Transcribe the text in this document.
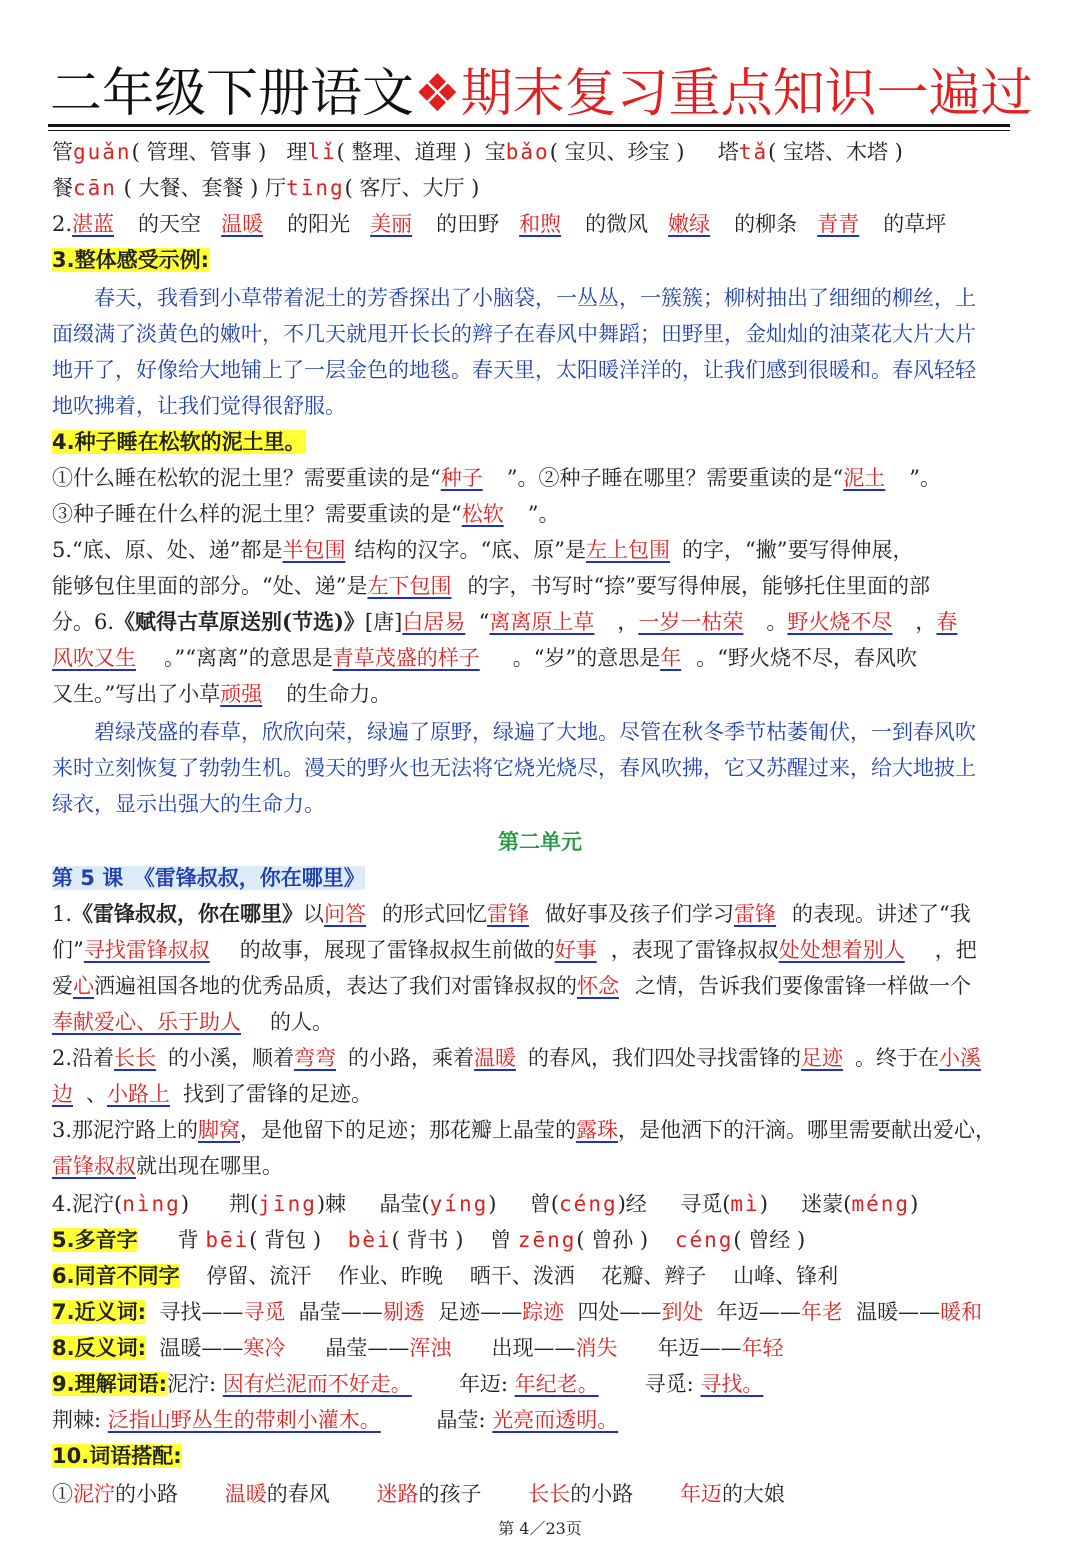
二年级下册语文❖期末复习重点知识一遍过
管guǎn( 管理、管事 ) 理lǐ( 整理、道理 ) 宝bǎo( 宝贝、珍宝 ) 塔tǎ( 宝塔、木塔 )
餐cān ( 大餐、套餐 ) 厅tīng( 客厅、大厅 )
2.湛蓝 的天空 温暖 的阳光 美丽 的田野 和煦 的微风 嫩绿 的柳条 青青 的草坪
3.整体感受示例:
春天，我看到小草带着泥土的芳香探出了小脑袋，一丛丛，一簇簇；柳树抽出了细细的柳丝，上
面缀满了淡黄色的嫩叶，不几天就甩开长长的辫子在春风中舞蹈；田野里，金灿灿的油菜花大片大片
地开了，好像给大地铺上了一层金色的地毯。春天里，太阳暖洋洋的，让我们感到很暖和。春风轻轻
地吹拂着，让我们觉得很舒服。
4.种子睡在松软的泥土里。
①什么睡在松软的泥土里？需要重读的是“种子 ”。②种子睡在哪里？需要重读的是“泥土 ”。
③种子睡在什么样的泥土里？需要重读的是“松软 ”。
5.“底、原、处、递”都是半包围 结构的汉字。“底、原”是左上包围 的字，“撇”要写得伸展，
能够包住里面的部分。“处、递”是左下包围 的字，书写时“捺”要写得伸展，能够托住里面的部
分。6.《赋得古草原送别(节选)》[唐]白居易 “离离原上草 ，一岁一枯荣 。野火烧不尽 ，春
风吹又生 。”“离离”的意思是青草茂盛的样子 。“岁”的意思是年 。“野火烧不尽，春风吹
又生。”写出了小草顽强 的生命力。
碧绿茂盛的春草，欣欣向荣，绿遍了原野，绿遍了大地。尽管在秋冬季节枯萎匍伏，一到春风吹
来时立刻恢复了勃勃生机。漫天的野火也无法将它烧光烧尽，春风吹拂，它又苏醒过来，给大地披上
绿衣，显示出强大的生命力。
第二单元
第 5 课　《雷锋叔叔，你在哪里》
1.《雷锋叔叔，你在哪里》以问答 的形式回忆雷锋 做好事及孩子们学习雷锋 的表现。讲述了“我
们”寻找雷锋叔叔 的故事，展现了雷锋叔叔生前做的好事 ，表现了雷锋叔叔处处想着别人 ，把
爱心洒遍祖国各地的优秀品质，表达了我们对雷锋叔叔的怀念 之情，告诉我们要像雷锋一样做一个
奉献爱心、乐于助人 的人。
2.沿着长长 的小溪，顺着弯弯 的小路，乘着温暖 的春风，我们四处寻找雷锋的足迹 。终于在小溪
边 、小路上 找到了雷锋的足迹。
3.那泥泞路上的脚窝，是他留下的足迹；那花瓣上晶莹的露珠，是他洒下的汗滴。哪里需要献出爱心，
雷锋叔叔就出现在哪里。
4.泥泞(nìng) 荆(jīng)棘 晶莹(yíng) 曾(céng)经 寻觅(mì) 迷蒙(méng)
5.多音字 背 bēi( 背包 ) bèi( 背书 ) 曾 zēng( 曾孙 ) céng( 曾经 )
6.同音不同字 停留、流汗 作业、昨晚 晒干、泼洒 花瓣、辫子 山峰、锋利
7.近义词: 寻找——寻觅 晶莹——剔透 足迹——踪迹 四处——到处 年迈——年老 温暖——暖和
8.反义词: 温暖——寒冷 晶莹——浑浊 出现——消失 年迈——年轻
9.理解词语:泥泞: 因有烂泥而不好走。 年迈: 年纪老。 寻觅: 寻找。
荆棘: 泛指山野丛生的带刺小灌木。	晶莹: 光亮而透明。
10.词语搭配:
①泥泞的小路 温暖的春风 迷路的孩子 长长的小路 年迈的大娘
第 4／23页
